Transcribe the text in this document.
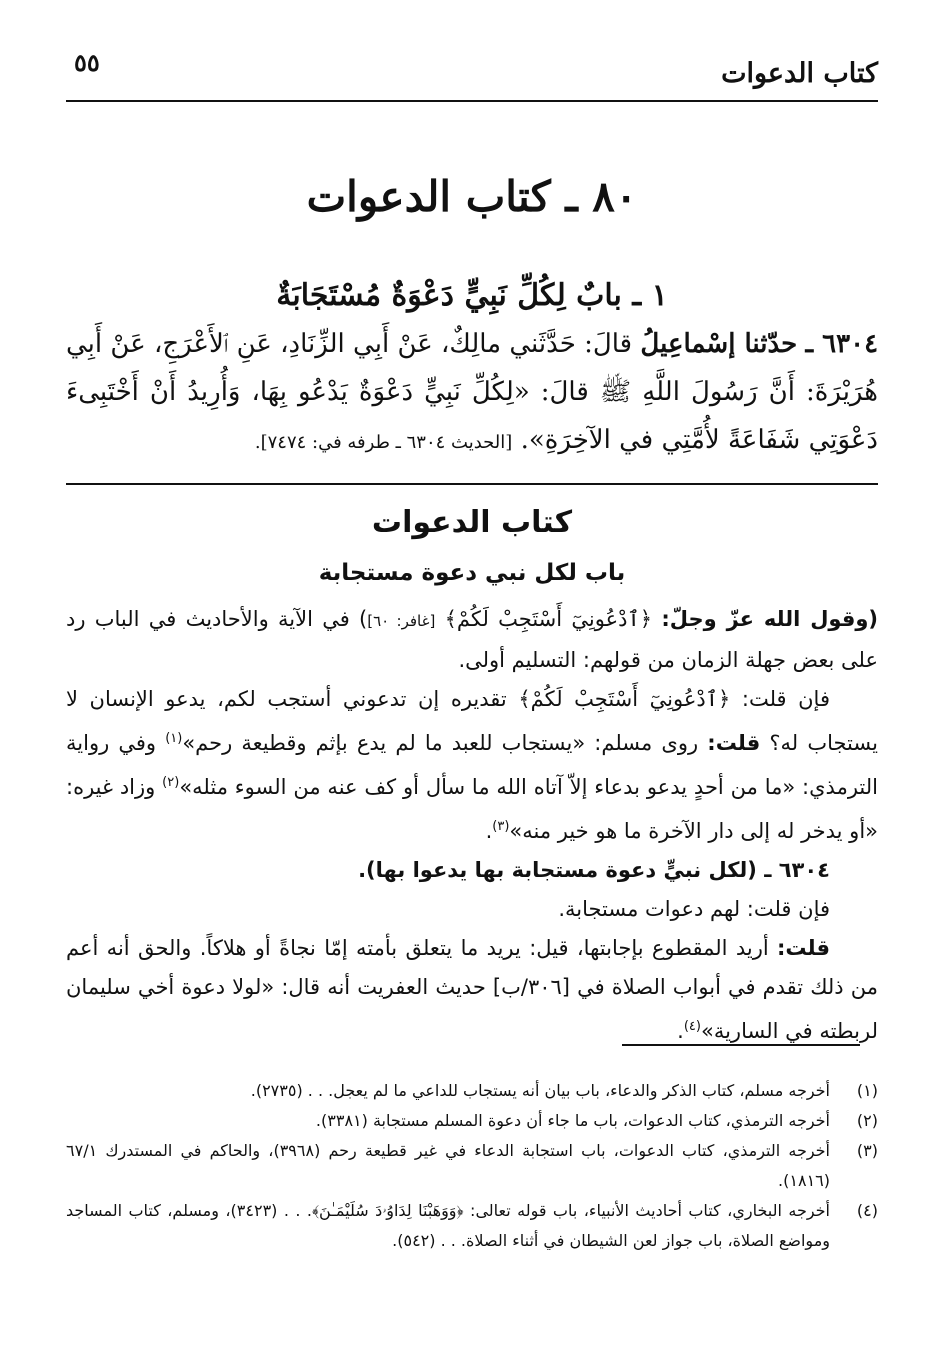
كتاب الدعوات
٥٥
٨٠ ـ كتاب الدعوات
١ ـ بابٌ لِكُلِّ نَبِيٍّ دَعْوَةٌ مُسْتَجَابَةٌ
٦٣٠٤ ـ حدّثنا إسْماعِيلُ قالَ: حَدَّثَني مالِكٌ، عَنْ أَبِي الزِّنَادِ، عَنِ ٱلأَعْرَجِ، عَنْ أَبِي هُرَيْرَةَ: أَنَّ رَسُولَ اللَّهِ ﷺ قالَ: «لِكُلِّ نَبِيٍّ دَعْوَةٌ يَدْعُو بِهَا، وَأُرِيدُ أَنْ أَخْتَبِىءَ دَعْوَتِي شَفَاعَةً لأُمَّتِي في الآخِرَةِ». [الحديث ٦٣٠٤ ـ طرفه في: ٧٤٧٤].
كتاب الدعوات
باب لكل نبي دعوة مستجابة

(وقول الله عزّ وجلّ: ﴿ٱدْعُونِيٓ أَسْتَجِبْ لَكُمْ﴾ [غافر: ٦٠]) في الآية والأحاديث في الباب رد على بعض جهلة الزمان من قولهم: التسليم أولى.

فإن قلت: ﴿ٱدْعُونِيٓ أَسْتَجِبْ لَكُمْ﴾ تقديره إن تدعوني أستجب لكم، يدعو الإنسان لا يستجاب له؟ قلت: روى مسلم: «يستجاب للعبد ما لم يدع بإثم وقطيعة رحم»$^{(١)}$ وفي رواية الترمذي: «ما من أحدٍ يدعو بدعاء إلاّ آتاه الله ما سأل أو كف عنه من السوء مثله»$^{(٢)}$ وزاد غيره: «أو يدخر له إلى دار الآخرة ما هو خير منه»$^{(٣)}$.

٦٣٠٤ ـ (لكل نبيٍّ دعوة مستجابة بها يدعوا بها).

فإن قلت: لهم دعوات مستجابة.

قلت: أريد المقطوع بإجابتها، قيل: يريد ما يتعلق بأمته إمّا نجاةً أو هلاكاً. والحق أنه أعم من ذلك تقدم في أبواب الصلاة في [٣٠٦/ب] حديث العفريت أنه قال: «لولا دعوة أخي سليمان لربطته في السارية»$^{(٤)}$.

(١)
أخرجه مسلم، كتاب الذكر والدعاء، باب بيان أنه يستجاب للداعي ما لم يعجل. . . (٢٧٣٥).
(٢)
أخرجه الترمذي، كتاب الدعوات، باب ما جاء أن دعوة المسلم مستجابة (٣٣٨١).
(٣)
أخرجه الترمذي، كتاب الدعوات، باب استجابة الدعاء في غير قطيعة رحم (٣٩٦٨)، والحاكم في المستدرك ٦٧/١ (١٨١٦).
(٤)
أخرجه البخاري، كتاب أحاديث الأنبياء، باب قوله تعالى: ﴿وَوَهَبْنَا لِدَاوُۥدَ سُلَيْمَـٰنَ﴾. . . (٣٤٢٣)، ومسلم، كتاب المساجد ومواضع الصلاة، باب جواز لعن الشيطان في أثناء الصلاة. . . (٥٤٢).
